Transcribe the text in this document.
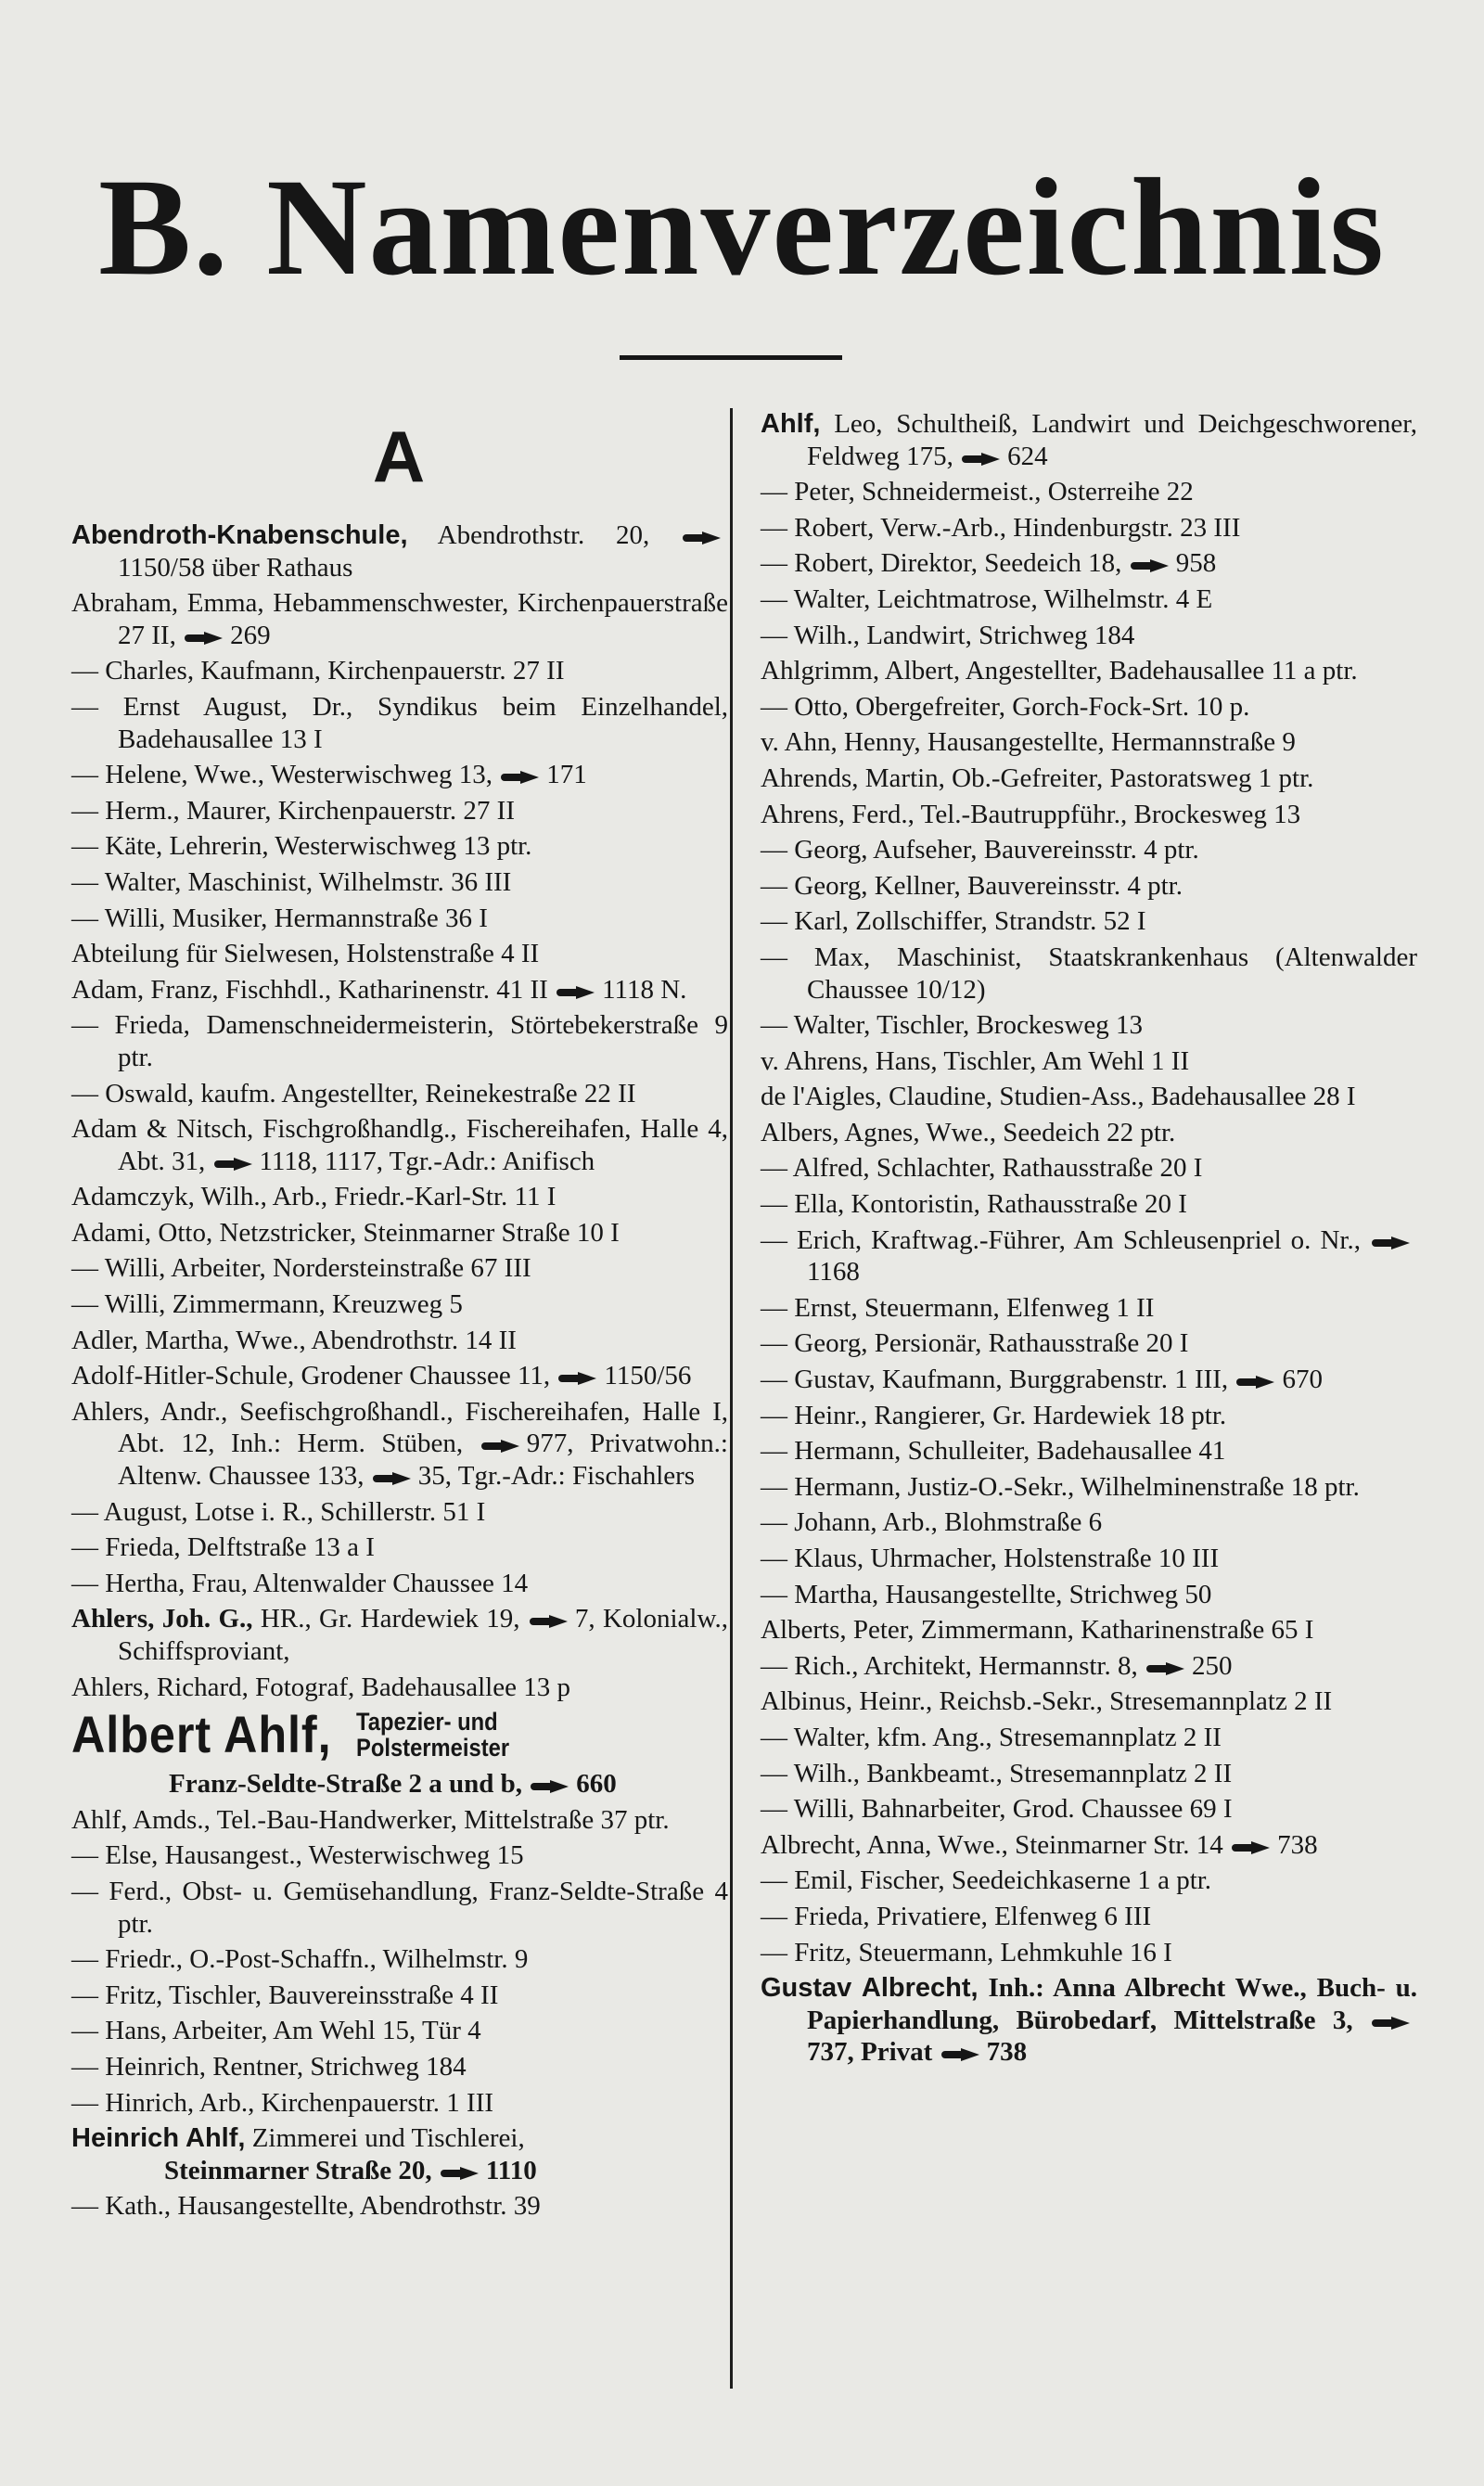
B. Namenverzeichnis
A
Abendroth-Knabenschule, Abendrothstr. 20, 1150/58 über Rathaus
Abraham, Emma, Hebammenschwester, Kirchenpauerstraße 27 II, 269
— Charles, Kaufmann, Kirchenpauerstr. 27 II
— Ernst August, Dr., Syndikus beim Einzelhandel, Badehausallee 13 I
— Helene, Wwe., Westerwischweg 13, 171
— Herm., Maurer, Kirchenpauerstr. 27 II
— Käte, Lehrerin, Westerwischweg 13 ptr.
— Walter, Maschinist, Wilhelmstr. 36 III
— Willi, Musiker, Hermannstraße 36 I
Abteilung für Sielwesen, Holstenstraße 4 II
Adam, Franz, Fischhdl., Katharinenstr. 41 II 1118 N.
— Frieda, Damenschneidermeisterin, Störtebekerstraße 9 ptr.
— Oswald, kaufm. Angestellter, Reinekestraße 22 II
Adam & Nitsch, Fischgroßhandlg., Fischereihafen, Halle 4, Abt. 31, 1118, 1117, Tgr.-Adr.: Anifisch
Adamczyk, Wilh., Arb., Friedr.-Karl-Str. 11 I
Adami, Otto, Netzstricker, Steinmarner Straße 10 I
— Willi, Arbeiter, Nordersteinstraße 67 III
— Willi, Zimmermann, Kreuzweg 5
Adler, Martha, Wwe., Abendrothstr. 14 II
Adolf-Hitler-Schule, Grodener Chaussee 11, 1150/56
Ahlers, Andr., Seefischgroßhandl., Fischereihafen, Halle I, Abt. 12, Inh.: Herm. Stüben, 977, Privatwohn.: Altenw. Chaussee 133, 35, Tgr.-Adr.: Fischahlers
— August, Lotse i. R., Schillerstr. 51 I
— Frieda, Delftstraße 13 a I
— Hertha, Frau, Altenwalder Chaussee 14
Ahlers, Joh. G., HR., Gr. Hardewiek 19, 7, Kolonialw., Schiffsproviant,
Ahlers, Richard, Fotograf, Badehausallee 13 p
Albert Ahlf, Tapezier- und
Polstermeister
Franz-Seldte-Straße 2 a und b, 660
Ahlf, Amds., Tel.-Bau-Handwerker, Mittelstraße 37 ptr.
— Else, Hausangest., Westerwischweg 15
— Ferd., Obst- u. Gemüsehandlung, Franz-Seldte-Straße 4 ptr.
— Friedr., O.-Post-Schaffn., Wilhelmstr. 9
— Fritz, Tischler, Bauvereinsstraße 4 II
— Hans, Arbeiter, Am Wehl 15, Tür 4
— Heinrich, Rentner, Strichweg 184
— Hinrich, Arb., Kirchenpauerstr. 1 III
Heinrich Ahlf, Zimmerei und Tischlerei,
Steinmarner Straße 20, 1110
— Kath., Hausangestellte, Abendrothstr. 39
Ahlf, Leo, Schultheiß, Landwirt und Deichgeschworener, Feldweg 175, 624
— Peter, Schneidermeist., Osterreihe 22
— Robert, Verw.-Arb., Hindenburgstr. 23 III
— Robert, Direktor, Seedeich 18, 958
— Walter, Leichtmatrose, Wilhelmstr. 4 E
— Wilh., Landwirt, Strichweg 184
Ahlgrimm, Albert, Angestellter, Badehausallee 11 a ptr.
— Otto, Obergefreiter, Gorch-Fock-Srt. 10 p.
v. Ahn, Henny, Hausangestellte, Hermannstraße 9
Ahrends, Martin, Ob.-Gefreiter, Pastoratsweg 1 ptr.
Ahrens, Ferd., Tel.-Bautruppführ., Brockesweg 13
— Georg, Aufseher, Bauvereinsstr. 4 ptr.
— Georg, Kellner, Bauvereinsstr. 4 ptr.
— Karl, Zollschiffer, Strandstr. 52 I
— Max, Maschinist, Staatskrankenhaus (Altenwalder Chaussee 10/12)
— Walter, Tischler, Brockesweg 13
v. Ahrens, Hans, Tischler, Am Wehl 1 II
de l'Aigles, Claudine, Studien-Ass., Badehausallee 28 I
Albers, Agnes, Wwe., Seedeich 22 ptr.
— Alfred, Schlachter, Rathausstraße 20 I
— Ella, Kontoristin, Rathausstraße 20 I
— Erich, Kraftwag.-Führer, Am Schleusenpriel o. Nr., 1168
— Ernst, Steuermann, Elfenweg 1 II
— Georg, Persionär, Rathausstraße 20 I
— Gustav, Kaufmann, Burggrabenstr. 1 III, 670
— Heinr., Rangierer, Gr. Hardewiek 18 ptr.
— Hermann, Schulleiter, Badehausallee 41
— Hermann, Justiz-O.-Sekr., Wilhelminenstraße 18 ptr.
— Johann, Arb., Blohmstraße 6
— Klaus, Uhrmacher, Holstenstraße 10 III
— Martha, Hausangestellte, Strichweg 50
Alberts, Peter, Zimmermann, Katharinenstraße 65 I
— Rich., Architekt, Hermannstr. 8, 250
Albinus, Heinr., Reichsb.-Sekr., Stresemannplatz 2 II
— Walter, kfm. Ang., Stresemannplatz 2 II
— Wilh., Bankbeamt., Stresemannplatz 2 II
— Willi, Bahnarbeiter, Grod. Chaussee 69 I
Albrecht, Anna, Wwe., Steinmarner Str. 14 738
— Emil, Fischer, Seedeichkaserne 1 a ptr.
— Frieda, Privatiere, Elfenweg 6 III
— Fritz, Steuermann, Lehmkuhle 16 I
Gustav Albrecht, Inh.: Anna Albrecht Wwe., Buch- u. Papierhandlung, Bürobedarf, Mittelstraße 3, 737, Privat 738
